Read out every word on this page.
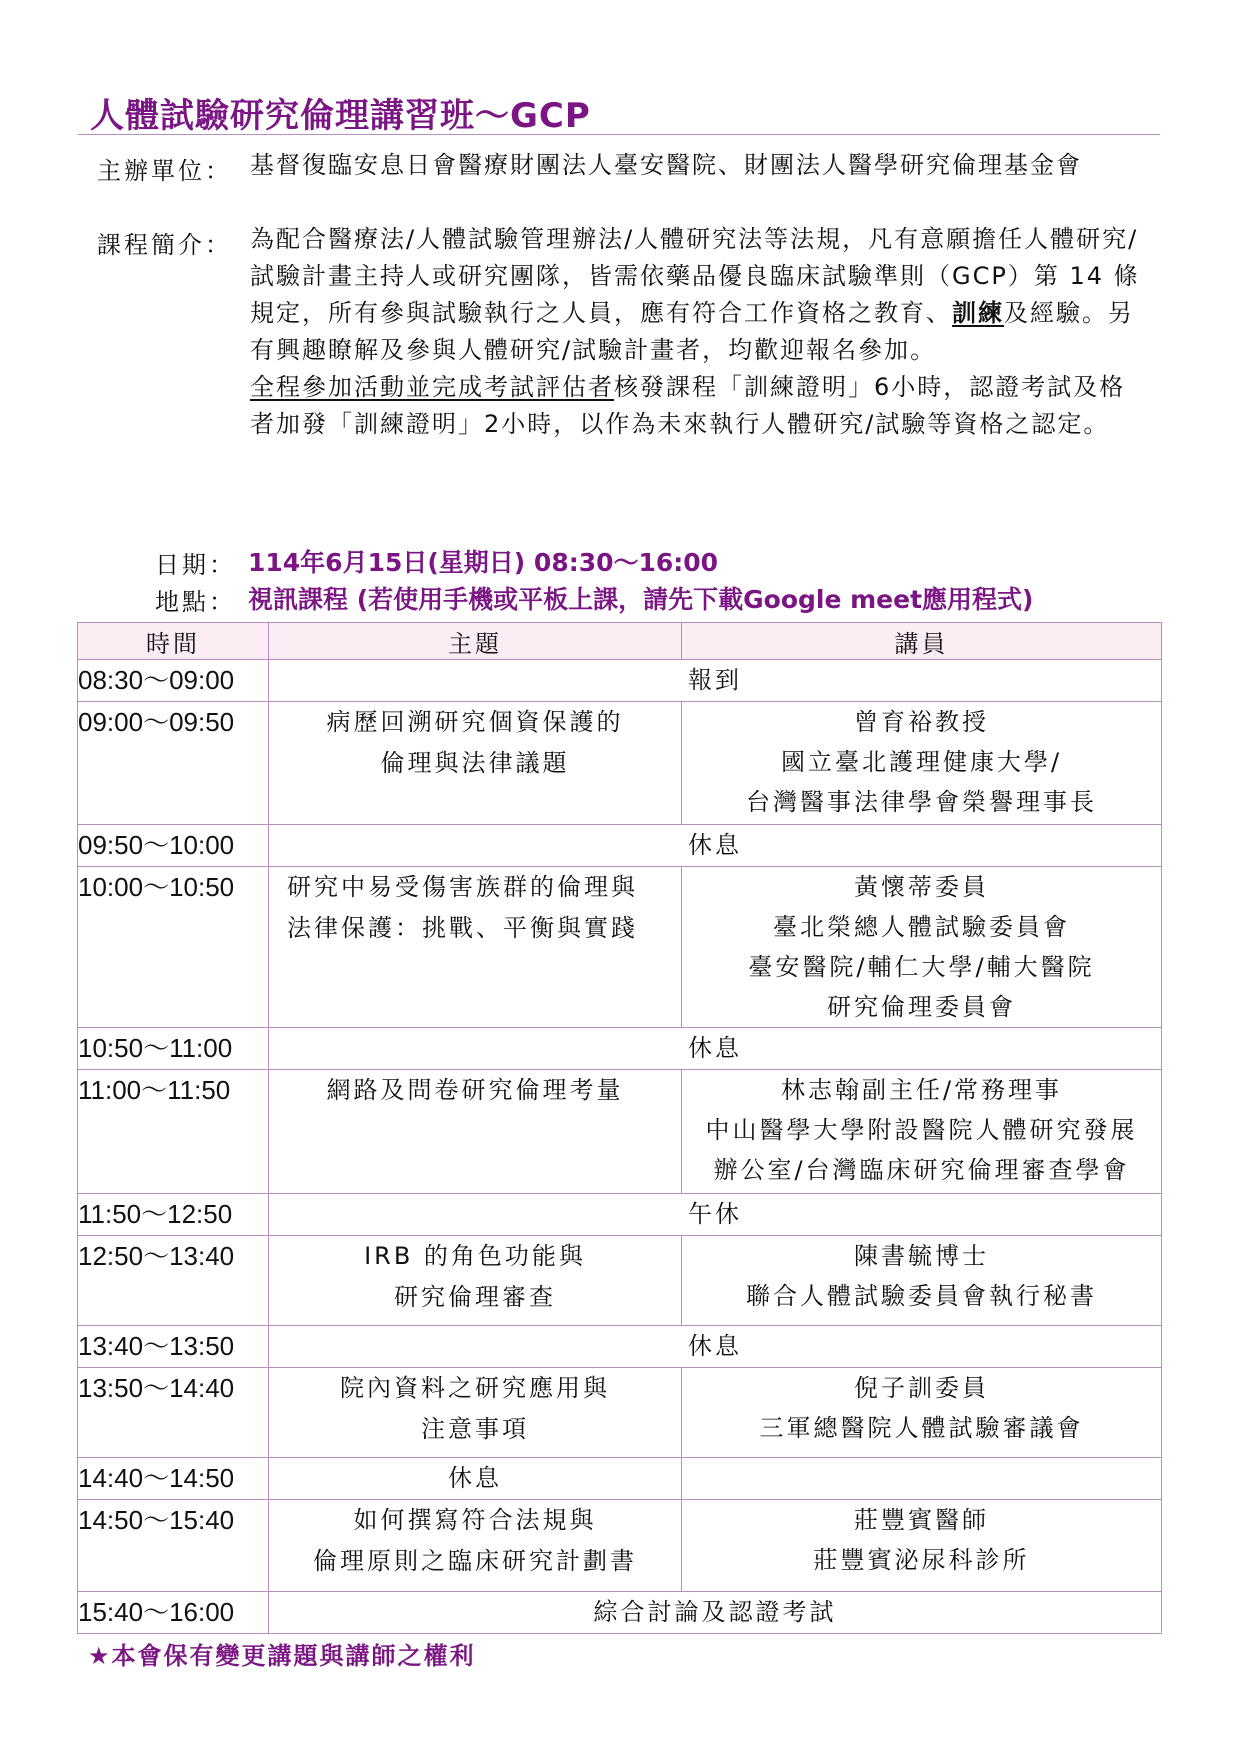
人體試驗研究倫理講習班～GCP
主辦單位： 基督復臨安息日會醫療財團法人臺安醫院、財團法人醫學研究倫理基金會
課程簡介： 為配合醫療法/人體試驗管理辦法/人體研究法等法規，凡有意願擔任人體研究/試驗計畫主持人或研究團隊，皆需依藥品優良臨床試驗準則（GCP）第 14 條規定，所有參與試驗執行之人員，應有符合工作資格之教育、訓練及經驗。另有興趣瞭解及參與人體研究/試驗計畫者，均歡迎報名參加。

全程參加活動並完成考試評估者核發課程「訓練證明」6小時，認證考試及格者加發「訓練證明」2小時，以作為未來執行人體研究/試驗等資格之認定。

日期： 114年6月15日(星期日) 08:30～16:00
地點： 視訊課程 (若使用手機或平板上課，請先下載Google meet應用程式)
時間	主題	講員
08:30～09:00	報到	
09:00～09:50	病歷回溯研究個資保護的
倫理與法律議題	曾育裕教授
國立臺北護理健康大學/
台灣醫事法律學會榮譽理事長

09:50～10:00	休息	
10:00～10:50	研究中易受傷害族群的倫理與
法律保護：挑戰、平衡與實踐	黃懷蒂委員
臺北榮總人體試驗委員會
臺安醫院/輔仁大學/輔大醫院
研究倫理委員會

10:50～11:00	休息	
11:00～11:50	網路及問卷研究倫理考量	林志翰副主任/常務理事
中山醫學大學附設醫院人體研究發展
辦公室/台灣臨床研究倫理審查學會

11:50～12:50	午休	
12:50～13:40	IRB 的角色功能與
研究倫理審查	陳書毓博士
聯合人體試驗委員會執行秘書

13:40～13:50	休息	
13:50～14:40	院內資料之研究應用與
注意事項	倪子訓委員
三軍總醫院人體試驗審議會

14:40～14:50	休息	

14:50～15:40	如何撰寫符合法規與
倫理原則之臨床研究計劃書	莊豐賓醫師
莊豐賓泌尿科診所

15:40～16:00	綜合討論及認證考試	
★本會保有變更講題與講師之權利
